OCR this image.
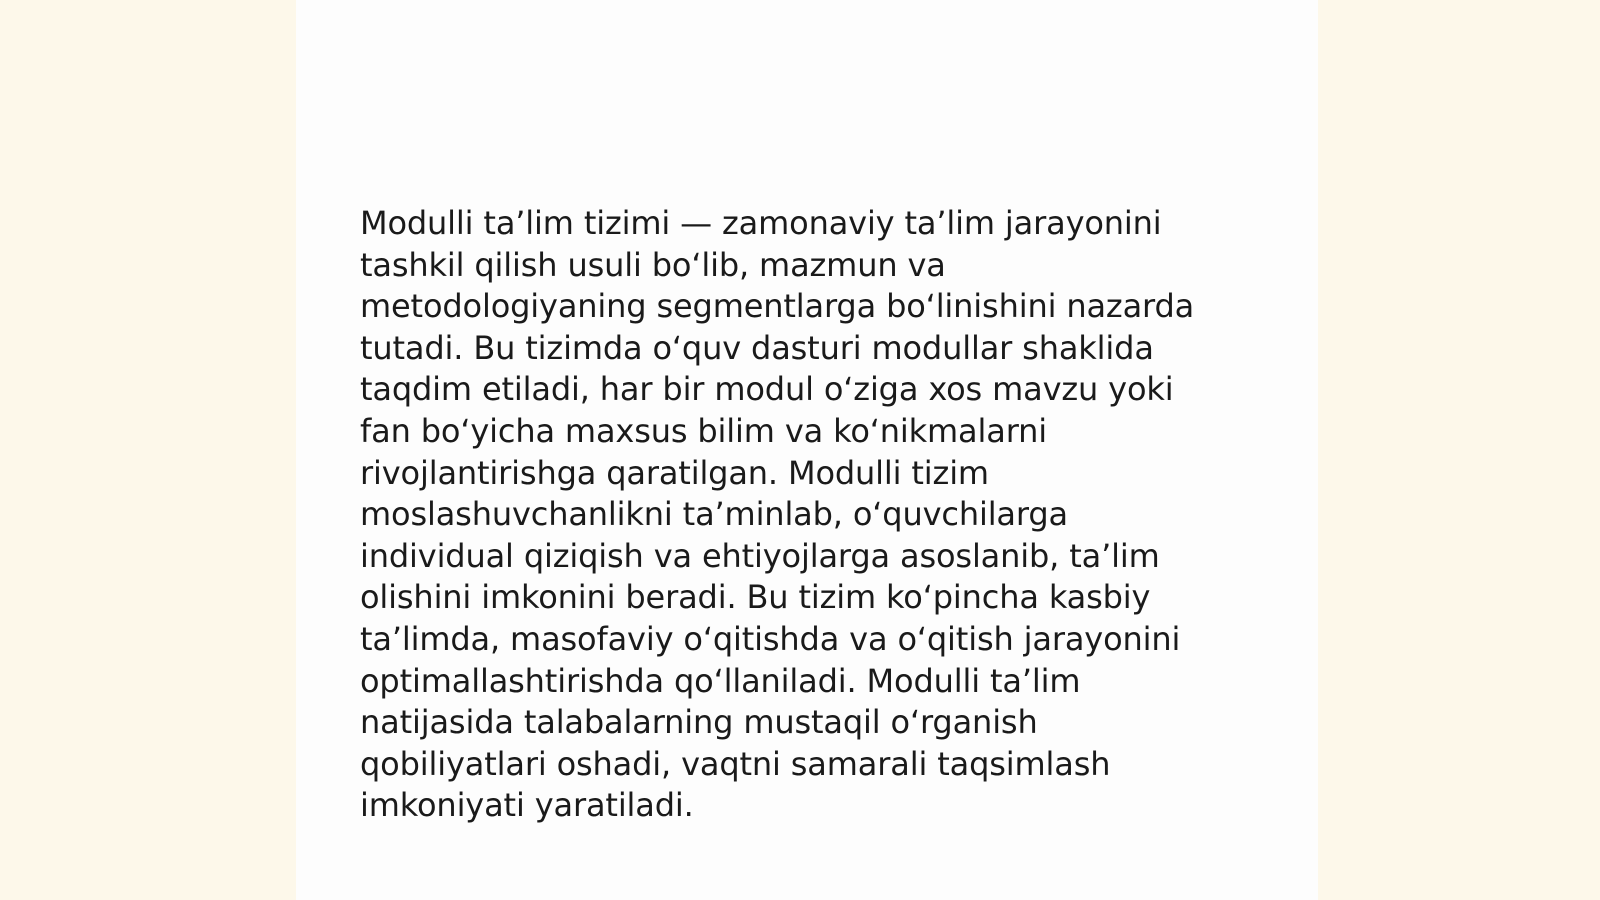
Modulli ta’lim tizimi — zamonaviy ta’lim jarayonini
tashkil qilish usuli bo‘lib, mazmun va
metodologiyaning segmentlarga bo‘linishini nazarda
tutadi. Bu tizimda o‘quv dasturi modullar shaklida
taqdim etiladi, har bir modul o‘ziga xos mavzu yoki
fan bo‘yicha maxsus bilim va ko‘nikmalarni
rivojlantirishga qaratilgan. Modulli tizim
moslashuvchanlikni ta’minlab, o‘quvchilarga
individual qiziqish va ehtiyojlarga asoslanib, ta’lim
olishini imkonini beradi. Bu tizim ko‘pincha kasbiy
ta’limda, masofaviy o‘qitishda va o‘qitish jarayonini
optimallashtirishda qo‘llaniladi. Modulli ta’lim
natijasida talabalarning mustaqil o‘rganish
qobiliyatlari oshadi, vaqtni samarali taqsimlash
imkoniyati yaratiladi.
